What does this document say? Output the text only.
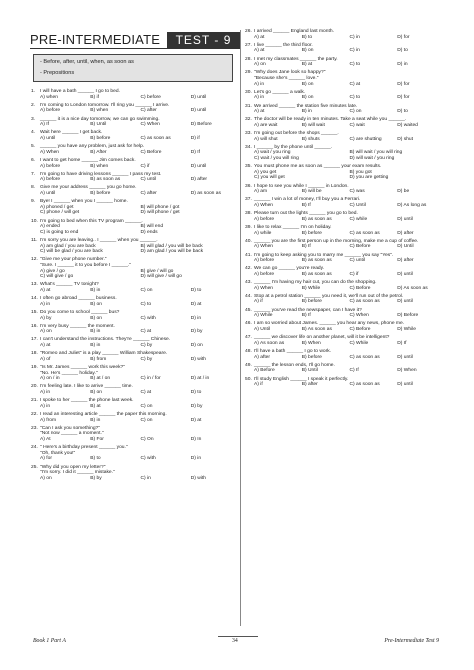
PRE-INTERMEDIATE	TEST - 9
- Before, after, until, when, as soon as
- Prepositions
1.	I will have a bath ______ I go to bed.
A) when	B) if	C) before	D) until
2.	I'm coming to London tomorrow. I'll ring you ______ I arrive.
A) before	B) when	C) after	D) until
3.	______ it is a nice day tomorrow, we can go swimming.
A) If	B) Until	C) When	D) Before
4.	Wait here ______ I get back.
A) until	B) before	C) as soon as	D) if
5.	______ you have any problem, just ask for help.
A) When	B) After	C) Before	D) If
6.	I want to get home ______ Jim comes back.
A) before	B) when	C) if	D) until
7.	I'm going to have driving lessons ______ I pass my test.
A) before	B) as soon as	C) until	D) after
8.	Give me your address ______ you go home.
A) until	B) before	C) after	D) as soon as
9.	Bye! I ______ when you I ______ home.
A) phoned / get	B) will phone / got
C) phone / will get	D) will phone / get
10. I'm going to bed when this TV program ______.
A) ended	B) will end
C) is going to end	D) ends
11. I'm sorry you are leaving.. I ______ when you ______.
A) am glad / you are back	B) will glad / you will be back
C) will be glad / you are back	D) am glad / you will be back
12. "Give me your phone number."
"Sure. I ______ it to you before I ______."
A) give / go	B) give / will go
C) will give / go	D) will give / will go
13. What's ______ TV tonight?
A) at	B) in	C) on	D) to
14. I often go abroad ______ business.
A) in	B) on	C) to	D) at
15. Do you come to school ______ bus?
A) by	B) on	C) with	D) in
16. I'm very busy ______ the moment.
A) on	B) in	C) at	D) by
17. I can't understand the instructions. They're ______ Chinese.
A) at	B) in	C) by	D) on
18. "Romeo and Juliet" is a play ______ William Shakespeare.
A) of	B) from	C) by	D) with
19. "Is Mr. James ______ work this week?"
"No. He's ______ holiday."
A) on / in	B) at / on	C) in / for	D) at / in
20. I'm feeling late. I like to arrive ______ time.
A) in	B) on	C) at	D) to
21. I spoke to her ______ the phone last week.
A) in	B) at	C) on	D) by
22. I read an interesting article ______ the paper this morning.
A) from	B) in	C) on	D) at
23. "Can I ask you something?"
"Not now ______ a moment."
A) At	B) For	C) On	D) In
24. " Here's a birthday present ______ you."
"Oh, thank you!"
A) for	B) to	C) with	D) in
25. "Why did you open my letter?"
"I'm sorry. I did it ______ mistake."
A) on	B) by	C) in	D) with
26. I arrived ______ England last month.
A) at	B) to	C) in	D) for
27. I live ______ the third floor.
A) at	B) on	C) in	D) to
28. I met my classmates ______ the party.
A) on	B) at	C) to	D) in
29. "Why does Jane look so happy?"
"Because she's ______ love."
A) in	B) on	C) at	D) for
30. Let's go ______ a walk.
A) in	B) on	C) to	D) for
31. We arrived ______ the station five minutes late.
A) at	B) in	C) on	D) to
32. The doctor will be ready in ten minutes. Take a seat while you ______.
A) are wait	B) will wait	C) wait	D) waited
33. I'm going out before the shops ______.
A) will shut	B) shuts	C) are shutting	D) shut
34. I ______ by the phone until ______.
A) wait / you ring	B) will wait / you will ring
C) wait / you will ring	D) will wait / you ring
35. You must phone me as soon as ______ your exam results.
A) you get	B) you got
C) you will get	D) you are getting
36. I hope to see you while I ______ in London.
A) am	B) will be	C) was	D) be
37. ______ I win a lot of money, I'll buy you a Ferrari.
A) When	B) If	C) Until	D) As long as
38. Please turn out the lights ______ you go to bed.
A) before	B) as soon as	C) while	D) until
39. I like to relax ______ I'm on holiday.
A) while	B) before	C) as soon as	D) after
40. ______ you are the first person up in the morning, make me a cup of coffee.
A) When	B) If	C) Before	D) Until
41. I'm going to keep asking you to marry me ______ you say "Yes".
A) before	B) as soon as	C) until	D) after
42. We can go ______ you're ready.
A) before	B) as soon as	C) if	D) until
43. ______ I'm having my hair cut, you can do the shopping.
A) When	B) While	C) Before	D) As soon as
44. Stop at a petrol station ______ you need it, we'll run out of the petrol.
A) if	B) before	C) as soon as	D) until
45. ______ you've read the newspaper, can I have it?
A) While	B) If	C) When	D) Before
46. I am so worried about James. ______ you hear any news, phone me.
A) Until	B) As soon as	C) Before	D) While
47. ______ we discover life on another planet, will it be intelligent?
A) As soon as	B) When	C) While	D) If
48. I'll have a bath ______ I go to work.
A) after	B) before	C) as soon as	D) until
49. ______ the lesson ends, I'll go home.
A) Before	B) Until	C) If	D) When
50. I'll study English ______ I speak it perfectly.
A) if	B) after	C) as soon as	D) until
Book 1 Part A	34	Pre-Intermediate Test 9
